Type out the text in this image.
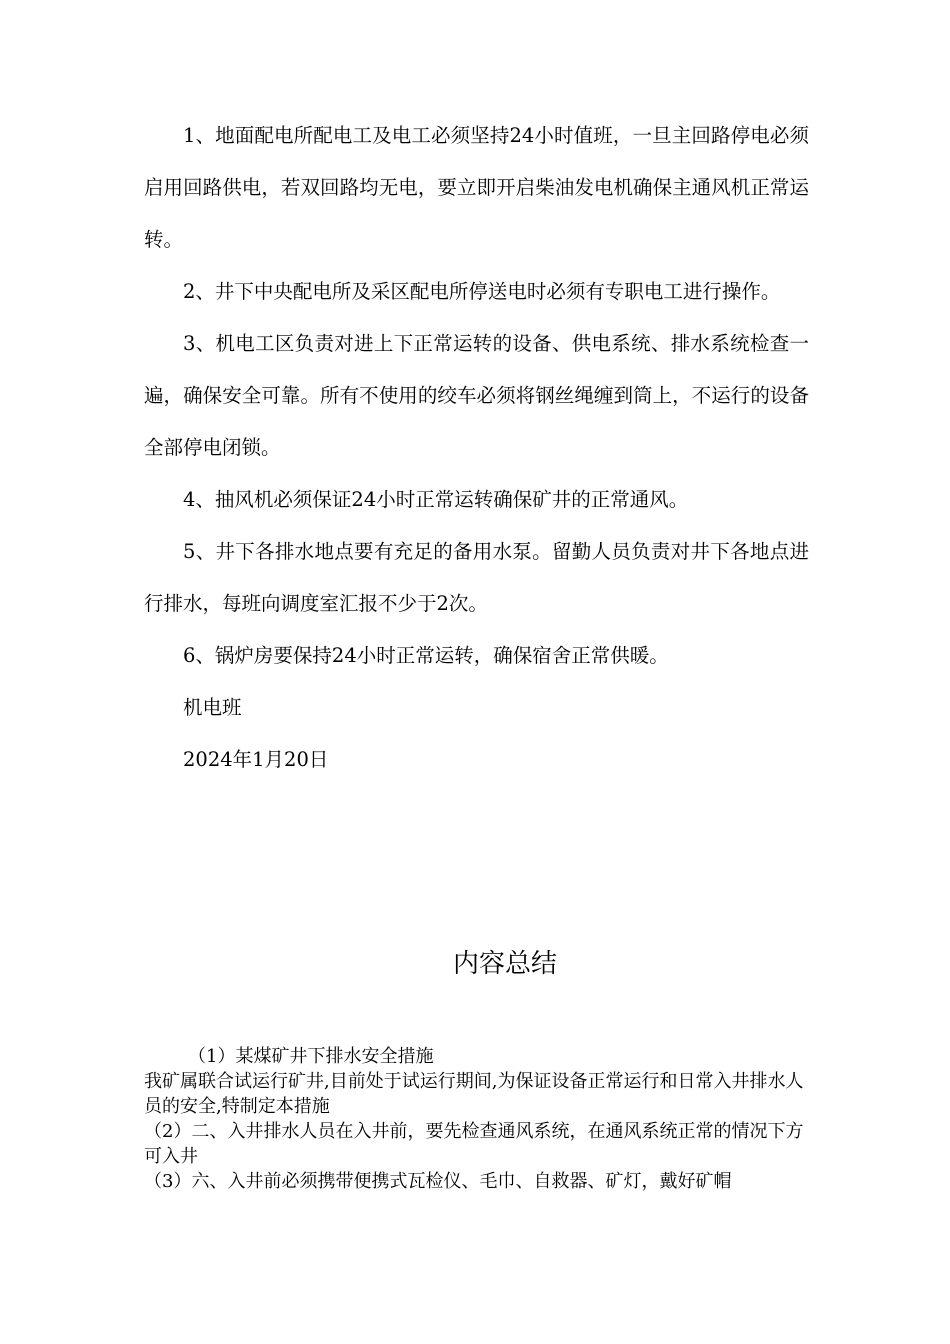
1、地面配电所配电工及电工必须坚持24小时值班，一旦主回路停电必须启用回路供电，若双回路均无电，要立即开启柴油发电机确保主通风机正常运转。

2、井下中央配电所及采区配电所停送电时必须有专职电工进行操作。

3、机电工区负责对进上下正常运转的设备、供电系统、排水系统检查一遍，确保安全可靠。所有不使用的绞车必须将钢丝绳缠到筒上，不运行的设备全部停电闭锁。

4、抽风机必须保证24小时正常运转确保矿井的正常通风。

5、井下各排水地点要有充足的备用水泵。留勤人员负责对井下各地点进行排水，每班向调度室汇报不少于2次。

6、锅炉房要保持24小时正常运转，确保宿舍正常供暖。

机电班

2024年1月20日

内容总结

（1）某煤矿井下排水安全措施

我矿属联合试运行矿井,目前处于试运行期间,为保证设备正常运行和日常入井排水人员的安全,特制定本措施

（2）二、入井排水人员在入井前，要先检查通风系统，在通风系统正常的情况下方可入井

（3）六、入井前必须携带便携式瓦检仪、毛巾、自救器、矿灯，戴好矿帽
